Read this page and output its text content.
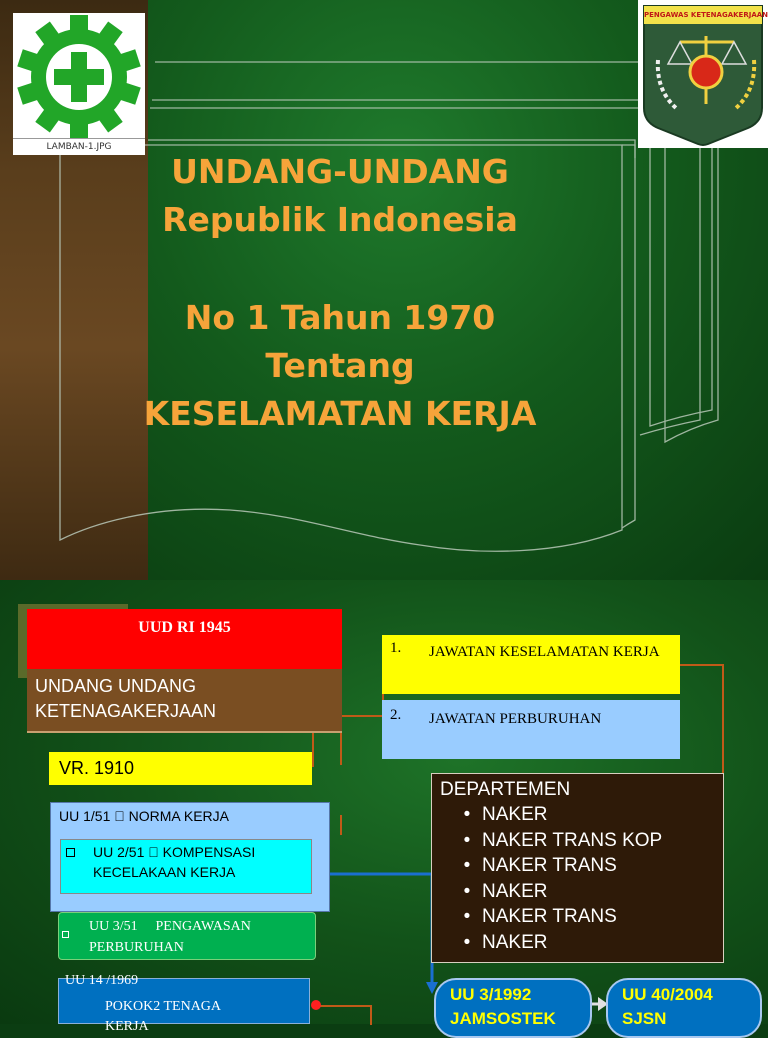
LAMBAN-1.JPG
PENGAWAS KETENAGAKERJAAN
UNDANG-UNDANG
Republik Indonesia
No 1 Tahun 1970
Tentang
KESELAMATAN KERJA
UUD RI 1945
UNDANG UNDANG KETENAGAKERJAAN
VR. 1910
UU 1/51   NORMA KERJA
UU 2/51   KOMPENSASI KECELAKAAN KERJA
UU 3/51   PENGAWASAN PERBURUHAN
UU 14 /1969
POKOK2 TENAGA KERJA
1. JAWATAN KESELAMATAN KERJA
2. JAWATAN PERBURUHAN
DEPARTEMEN
• NAKER
• NAKER TRANS KOP
• NAKER TRANS
• NAKER
• NAKER TRANS
• NAKER
UU 3/1992 JAMSOSTEK
UU 40/2004 SJSN
